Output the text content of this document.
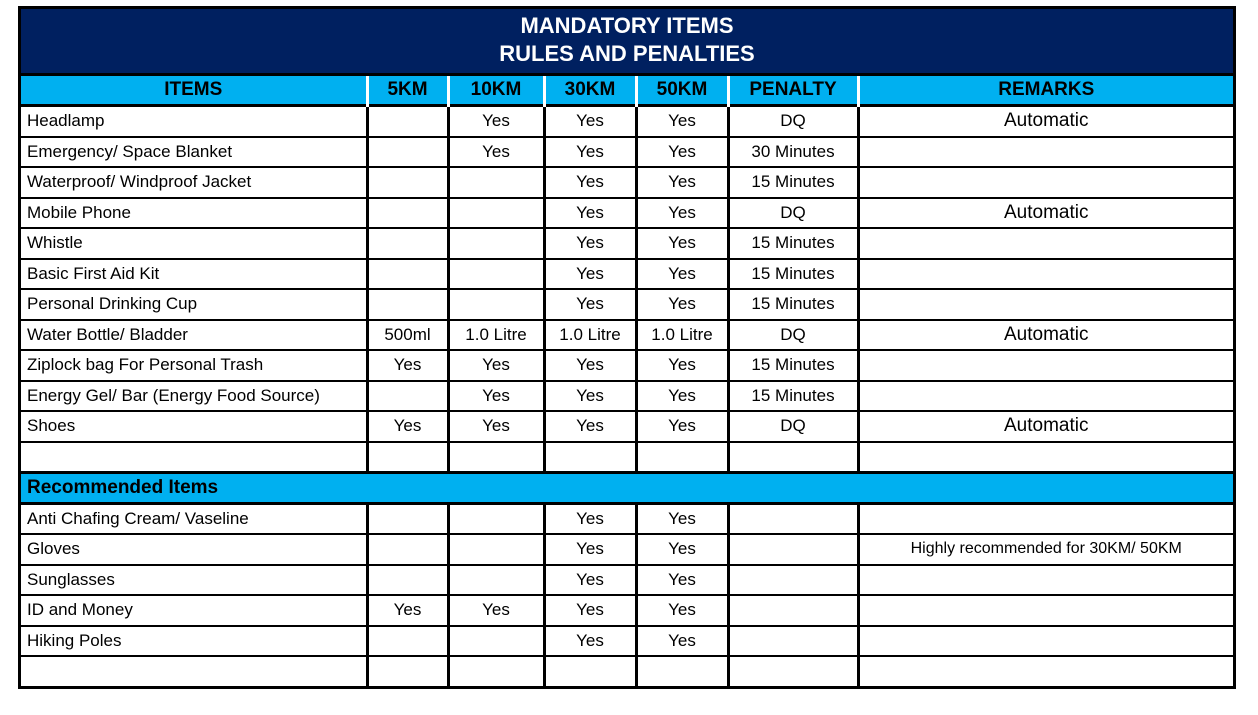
MANDATORY ITEMS
RULES AND PENALTIES
ITEMS	5KM	10KM	30KM	50KM	PENALTY	REMARKS
Headlamp		Yes	Yes	Yes	DQ	Automatic
Emergency/ Space Blanket		Yes	Yes	Yes	30 Minutes	
Waterproof/ Windproof Jacket			Yes	Yes	15 Minutes	
Mobile Phone			Yes	Yes	DQ	Automatic
Whistle			Yes	Yes	15 Minutes	
Basic First Aid Kit			Yes	Yes	15 Minutes	
Personal Drinking Cup			Yes	Yes	15 Minutes	
Water Bottle/ Bladder	500ml	1.0 Litre	1.0 Litre	1.0 Litre	DQ	Automatic
Ziplock bag For Personal Trash	Yes	Yes	Yes	Yes	15 Minutes	
Energy Gel/ Bar (Energy Food Source)		Yes	Yes	Yes	15 Minutes	
Shoes	Yes	Yes	Yes	Yes	DQ	Automatic

Recommended Items						
Anti Chafing Cream/ Vaseline			Yes	Yes		
Gloves			Yes	Yes		Highly recommended for 30KM/ 50KM
Sunglasses			Yes	Yes		
ID and Money	Yes	Yes	Yes	Yes		
Hiking Poles			Yes	Yes		
